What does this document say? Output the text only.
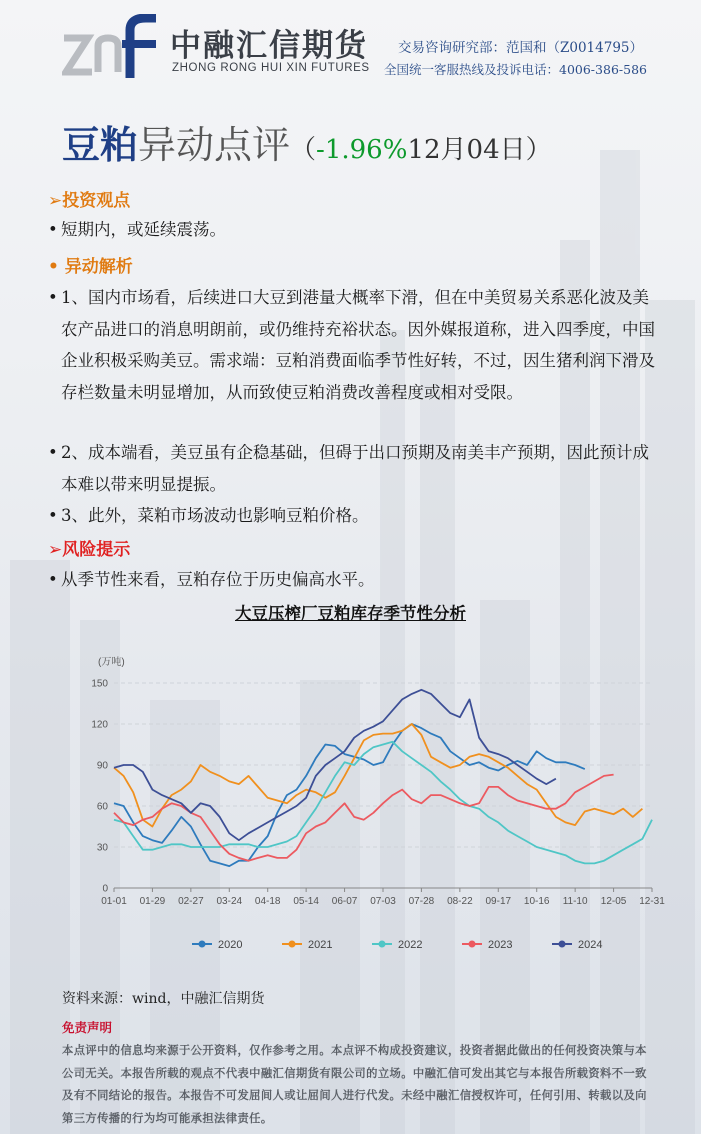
中融汇信期货
ZHONG RONG HUI XIN FUTURES
交易咨询研究部：范国和（Z0014795）
全国统一客服热线及投诉电话：4006-386-586
豆粕异动点评（-1.96%12月04日）
➢投资观点
• 短期内，或延续震荡。
• 异动解析
• 1、国内市场看，后续进口大豆到港量大概率下滑，但在中美贸易关系恶化波及美农产品进口的消息明朗前，或仍维持充裕状态。因外媒报道称，进入四季度，中国企业积极采购美豆。需求端：豆粕消费面临季节性好转，不过，因生猪利润下滑及存栏数量未明显增加，从而致使豆粕消费改善程度或相对受限。
• 2、成本端看，美豆虽有企稳基础，但碍于出口预期及南美丰产预期，因此预计成本难以带来明显提振。
• 3、此外，菜粕市场波动也影响豆粕价格。
➢风险提示
• 从季节性来看，豆粕存位于历史偏高水平。
大豆压榨厂豆粕库存季节性分析
(万吨)
0
30
60
90
120
150
01-01 01-29 02-27 03-24 04-18 05-14 06-07 07-03 07-28 08-22 09-17 10-16 11-10 12-05 12-31
2020	2021	2022	2023	2024
资料来源：wind，中融汇信期货
免责声明
本点评中的信息均来源于公开资料，仅作参考之用。本点评不构成投资建议，投资者据此做出的任何投资决策与本公司无关。本报告所载的观点不代表中融汇信期货有限公司的立场。中融汇信可发出其它与本报告所载资料不一致及有不同结论的报告。本报告不可发屈间人或让屈间人进行代发。未经中融汇信授权许可，任何引用、转载以及向第三方传播的行为均可能承担法律责任。
